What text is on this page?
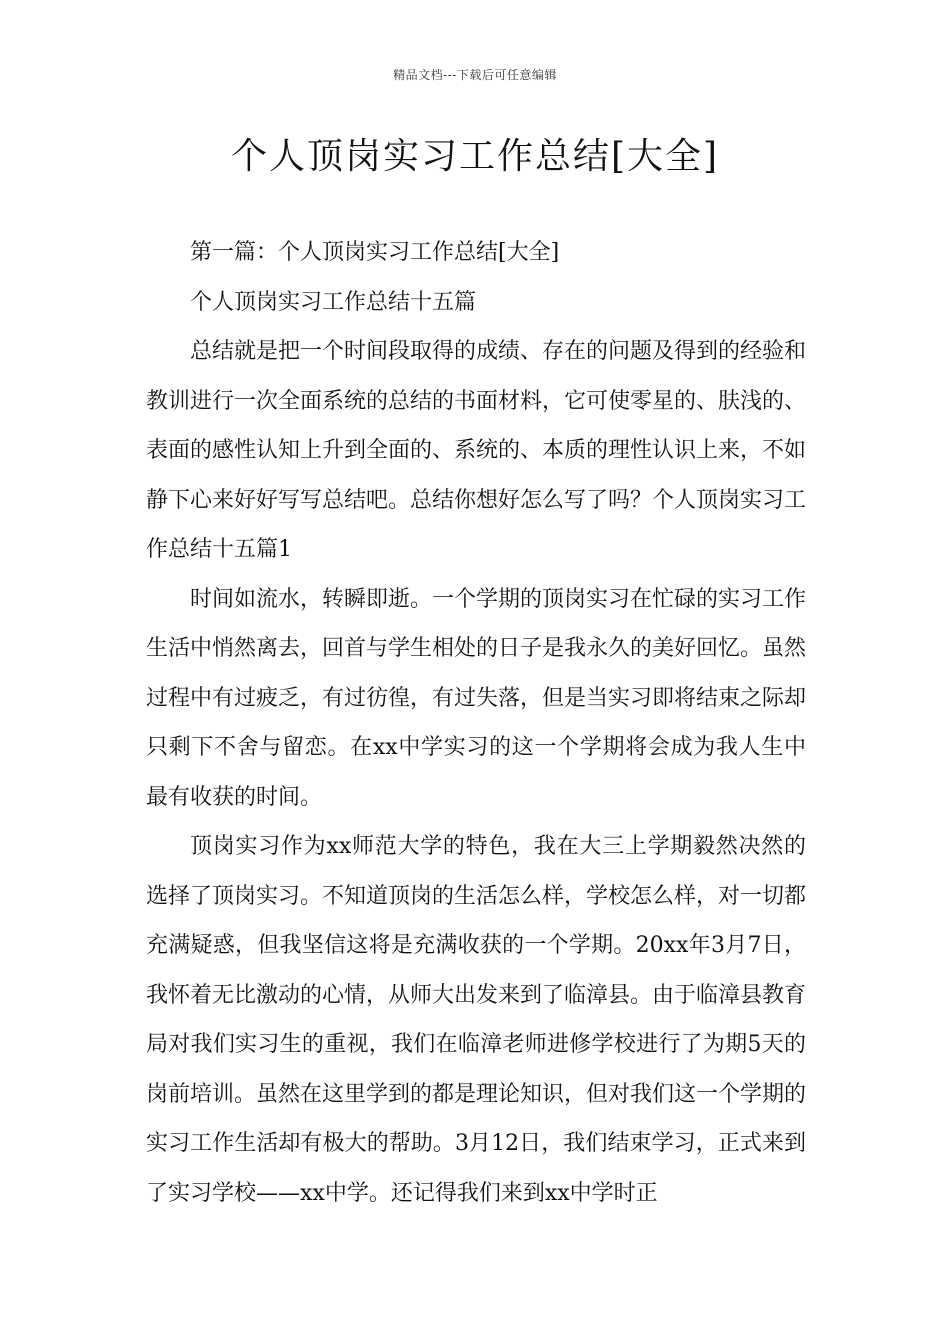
精品文档---下载后可任意编辑
个人顶岗实习工作总结[大全]

第一篇：个人顶岗实习工作总结[大全]

个人顶岗实习工作总结十五篇

总结就是把一个时间段取得的成绩、存在的问题及得到的经验和教训进行一次全面系统的总结的书面材料，它可使零星的、肤浅的、表面的感性认知上升到全面的、系统的、本质的理性认识上来，不如静下心来好好写写总结吧。总结你想好怎么写了吗？个人顶岗实习工作总结十五篇1

时间如流水，转瞬即逝。一个学期的顶岗实习在忙碌的实习工作生活中悄然离去，回首与学生相处的日子是我永久的美好回忆。虽然过程中有过疲乏，有过彷徨，有过失落，但是当实习即将结束之际却只剩下不舍与留恋。在xx中学实习的这一个学期将会成为我人生中最有收获的时间。

顶岗实习作为xx师范大学的特色，我在大三上学期毅然决然的选择了顶岗实习。不知道顶岗的生活怎么样，学校怎么样，对一切都充满疑惑，但我坚信这将是充满收获的一个学期。20xx年3月7日，我怀着无比激动的心情，从师大出发来到了临漳县。由于临漳县教育局对我们实习生的重视，我们在临漳老师进修学校进行了为期5天的岗前培训。虽然在这里学到的都是理论知识，但对我们这一个学期的实习工作生活却有极大的帮助。3月12日，我们结束学习，正式来到了实习学校——xx中学。还记得我们来到xx中学时正
